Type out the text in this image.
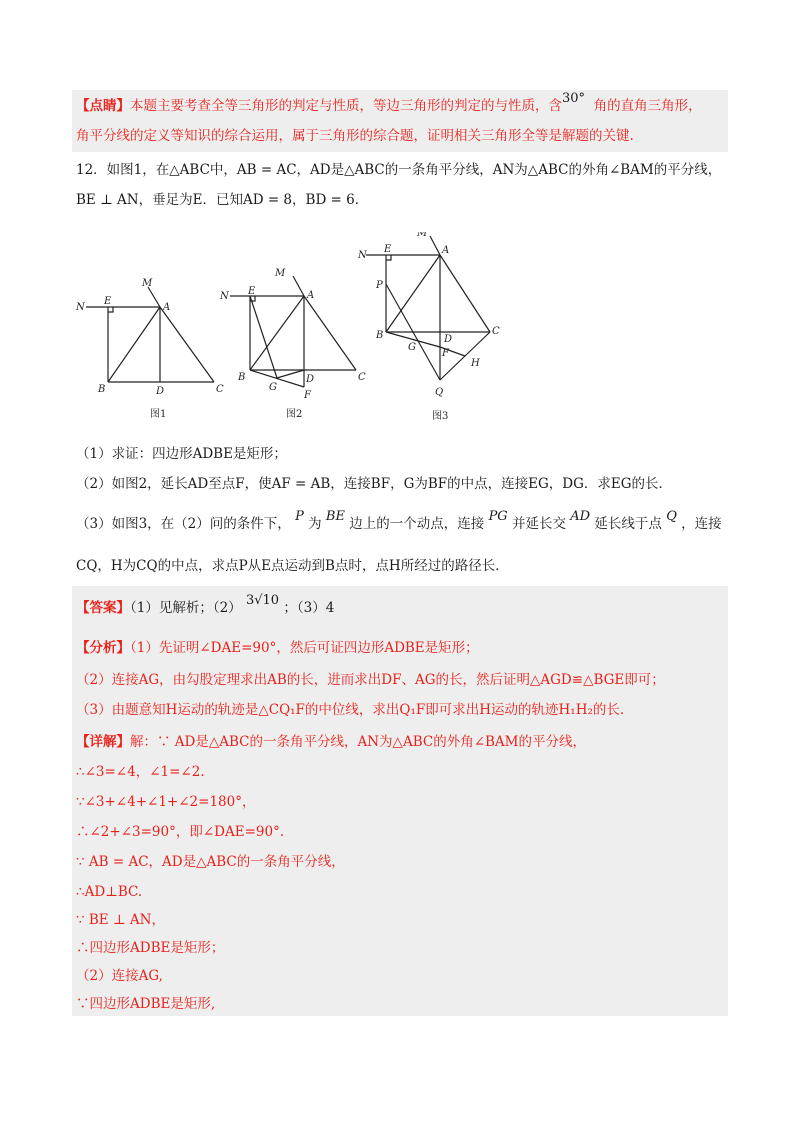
【点睛】本题主要考查全等三角形的判定与性质，等边三角形的判定的与性质，含30° 角的直角三角形，
角平分线的定义等知识的综合运用，属于三角形的综合题，证明相关三角形全等是解题的关键.
12．如图1，在△ABC中，AB = AC，AD是△ABC的一条角平分线，AN为△ABC的外角∠BAM的平分线，
BE ⊥ AN，垂足为E．已知AD = 8，BD = 6．
N
E
M
A
B	D	C
图1
N E
M
A
B
G
D
F
C
图2
N
E
M
A
P
B	D
G
F
C
H
Q
图3
（1）求证：四边形ADBE是矩形；
（2）如图2，延长AD至点F，使AF = AB，连接BF，G为BF的中点，连接EG，DG．求EG的长．
（3）如图3，在（2）问的条件下， P 为 BE 边上的一个动点，连接 PG 并延长交 AD 延长线于点 Q ，连接
CQ，H为CQ的中点，求点P从E点运动到B点时，点H所经过的路径长．
【答案】（1）见解析；（2） 3√10 ；（3）4
【分析】（1）先证明∠DAE=90°，然后可证四边形ADBE是矩形；
（2）连接AG，由勾股定理求出AB的长，进而求出DF、AG的长，然后证明△AGD≌△BGE即可；
（3）由题意知H运动的轨迹是△CQ₁F的中位线，求出Q₁F即可求出H运动的轨迹H₁H₂的长.
【详解】解：∵ AD是△ABC的一条角平分线，AN为△ABC的外角∠BAM的平分线，
∴∠3=∠4，∠1=∠2.
∵∠3+∠4+∠1+∠2=180°，
∴∠2+∠3=90°，即∠DAE=90°.
∵ AB = AC，AD是△ABC的一条角平分线，
∴AD⊥BC.
∵ BE ⊥ AN，
∴四边形ADBE是矩形；
（2）连接AG,
∵四边形ADBE是矩形,
